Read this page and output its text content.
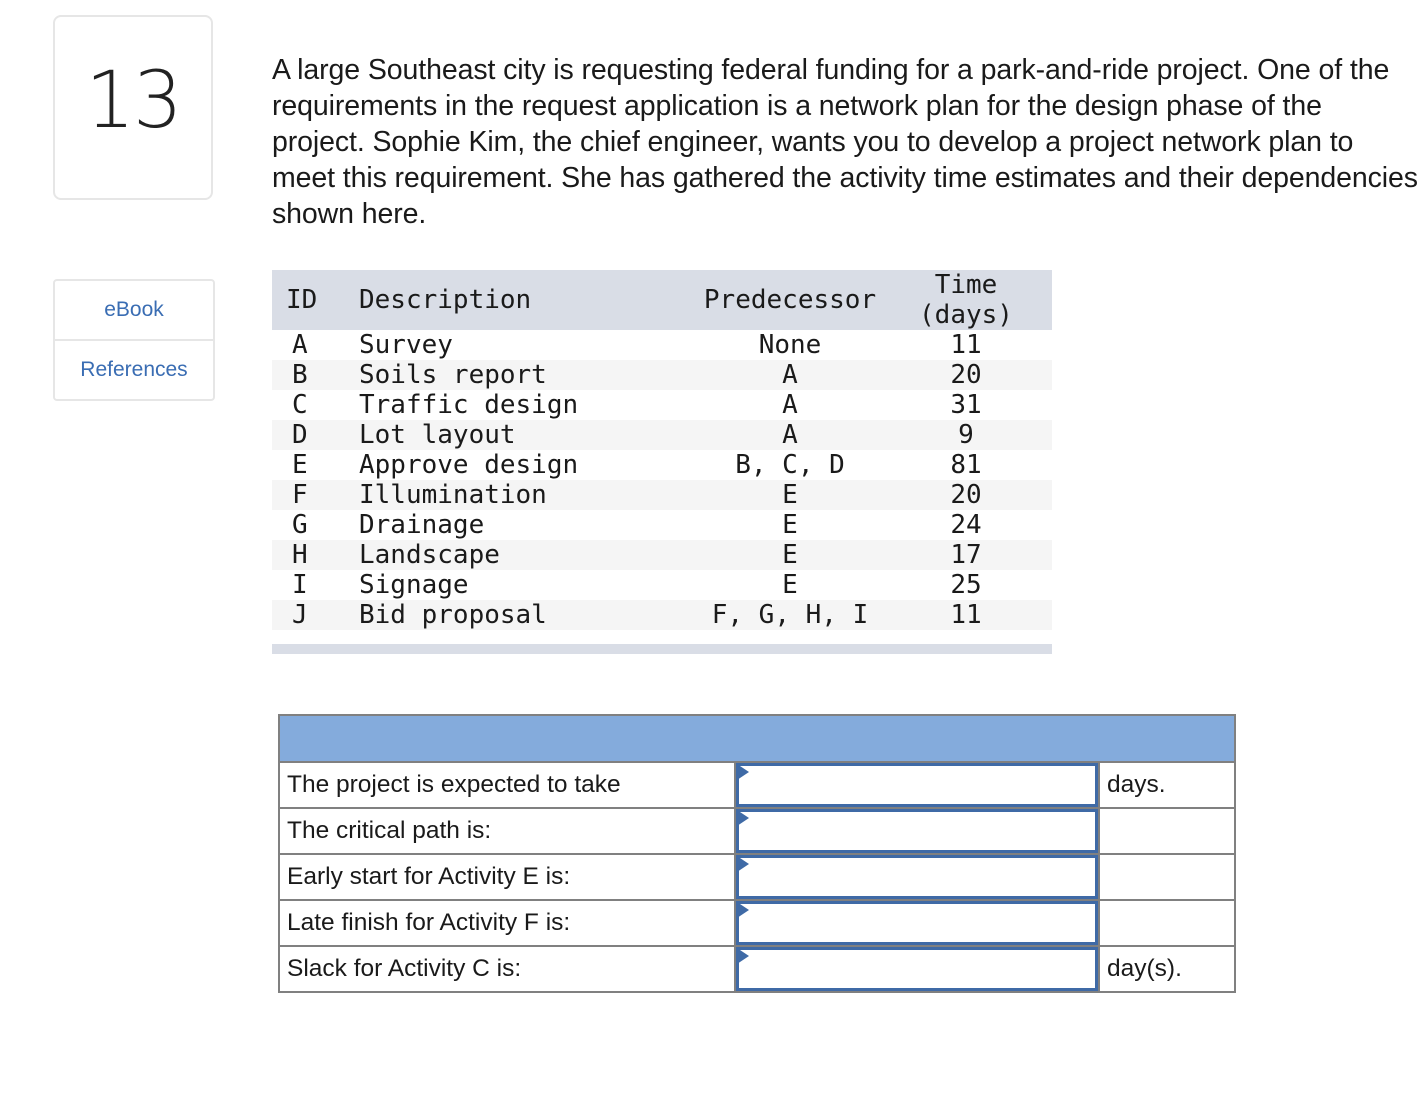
13
eBook
References
A large Southeast city is requesting federal funding for a park-and-ride project. One of the requirements in the request application is a network plan for the design phase of the project. Sophie Kim, the chief engineer, wants you to develop a project network plan to meet this requirement. She has gathered the activity time estimates and their dependencies shown here.
ID Description	Predecessor	Time
(days)
A Survey	None	11
B Soils report	A	20
C Traffic design	A	31
D Lot layout	A	9
E Approve design	B, C, D	81
F Illumination	E	20
G Drainage	E	24
H Landscape	E	17
I Signage	E	25
J Bid proposal	F, G, H, I	11
The project is expected to take	days.
The critical path is:
Early start for Activity E is:
Late finish for Activity F is:
Slack for Activity C is:	day(s).
